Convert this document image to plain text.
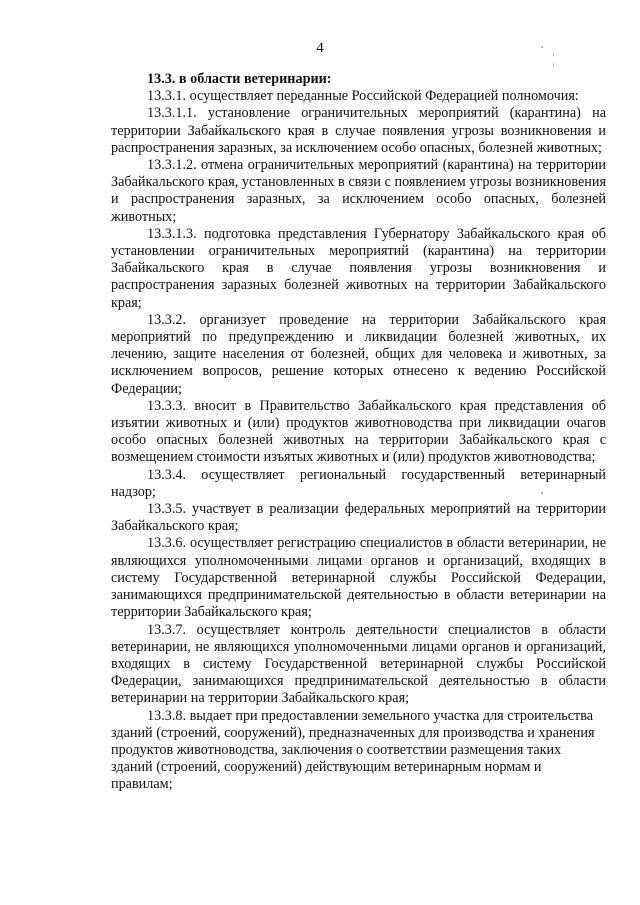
4

13.3. в области ветеринарии:

13.3.1. осуществляет переданные Российской Федерацией полномочия:

13.3.1.1. установление ограничительных мероприятий (карантина) на территории Забайкальского края в случае появления угрозы возникновения и распространения заразных, за исключением особо опасных, болезней животных;

13.3.1.2. отмена ограничительных мероприятий (карантина) на территории Забайкальского края, установленных в связи с появлением угрозы возникновения и распространения заразных, за исключением особо опасных, болезней животных;

13.3.1.3. подготовка представления Губернатору Забайкальского края об установлении ограничительных мероприятий (карантина) на территории Забайкальского края в случае появления угрозы возникновения и распространения заразных болезней животных на территории Забайкальского края;

13.3.2. организует проведение на территории Забайкальского края мероприятий по предупреждению и ликвидации болезней животных, их лечению, защите населения от болезней, общих для человека и животных, за исключением вопросов, решение которых отнесено к ведению Российской Федерации;

13.3.3. вносит в Правительство Забайкальского края представления об изъятии животных и (или) продуктов животноводства при ликвидации очагов особо опасных болезней животных на территории Забайкальского края с возмещением стоимости изъятых животных и (или) продуктов животноводства;

13.3.4. осуществляет региональный государственный ветеринарный надзор;

13.3.5. участвует в реализации федеральных мероприятий на территории Забайкальского края;

13.3.6. осуществляет регистрацию специалистов в области ветеринарии, не являющихся уполномоченными лицами органов и организаций, входящих в систему Государственной ветеринарной службы Российской Федерации, занимающихся предпринимательской деятельностью в области ветеринарии на территории Забайкальского края;

13.3.7. осуществляет контроль деятельности специалистов в области ветеринарии, не являющихся уполномоченными лицами органов и организаций, входящих в систему Государственной ветеринарной службы Российской Федерации, занимающихся предпринимательской деятельностью в области ветеринарии на территории Забайкальского края;

13.3.8. выдает при предоставлении земельного участка для строительства зданий (строений, сооружений), предназначенных для производства и хранения продуктов животноводства, заключения о соответствии размещения таких зданий (строений, сооружений) действующим ветеринарным нормам и правилам;
